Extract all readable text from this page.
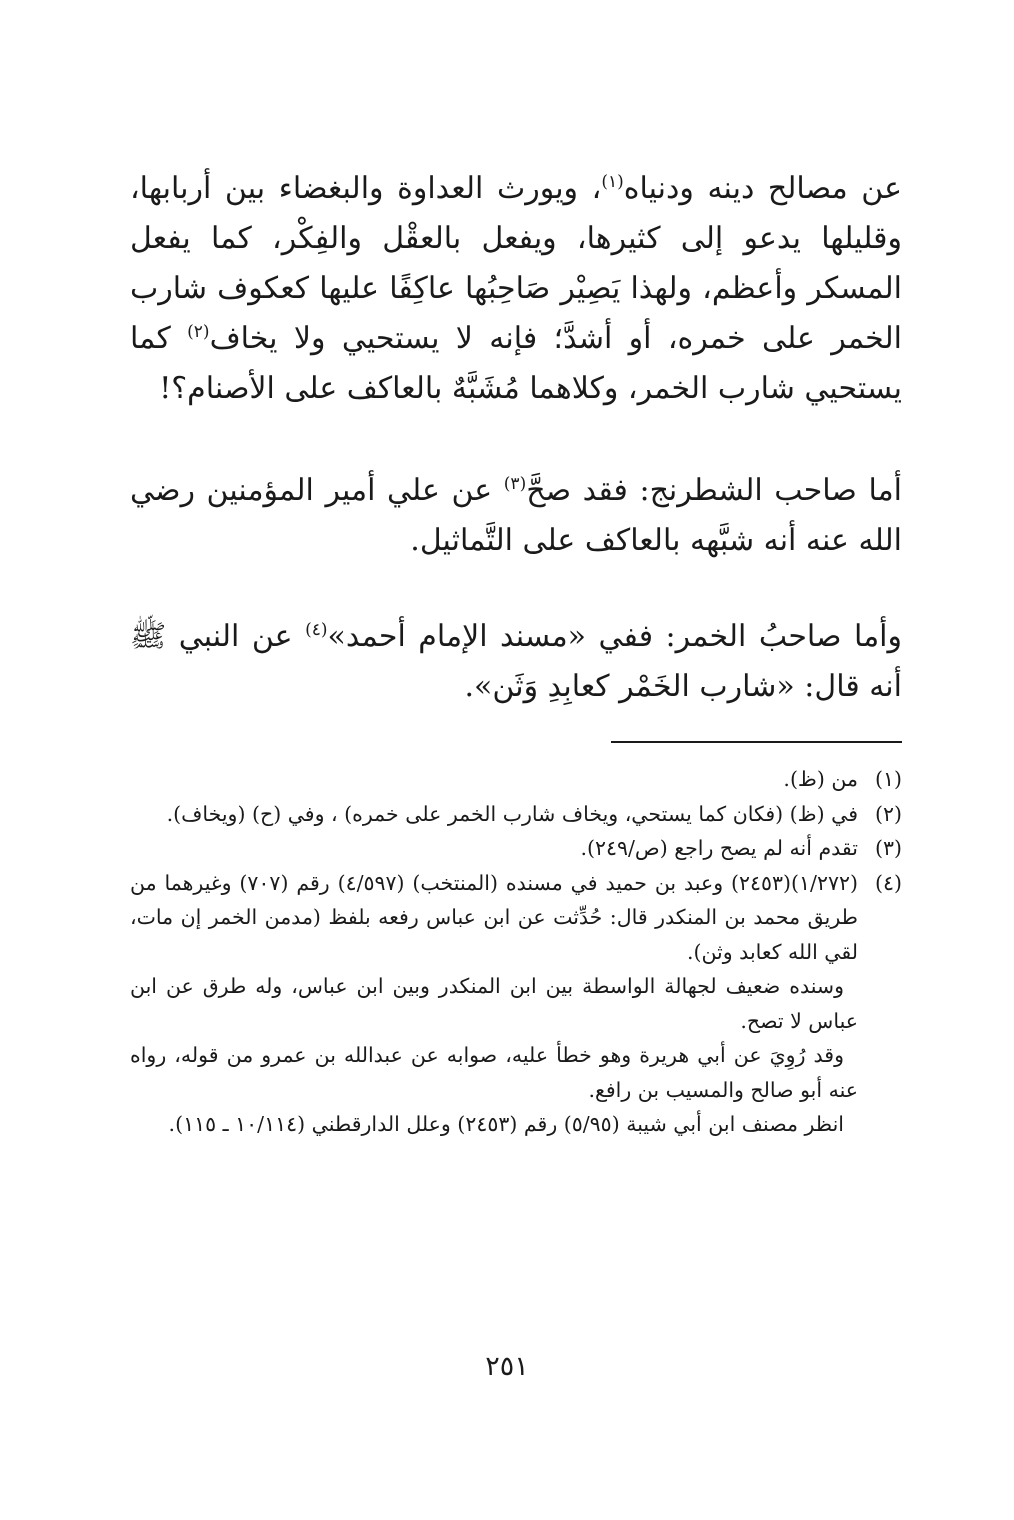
عن مصالح دينه ودنياه$^{(١)}$، ويورث العداوة والبغضاء بين أربابها، وقليلها يدعو إلى كثيرها، ويفعل بالعقْل والفِكْر، كما يفعل المسكر وأعظم، ولهذا يَصِيْر صَاحِبُها عاكِفًا عليها كعكوف شارب الخمر على خمره، أو أشدَّ؛ فإنه لا يستحيي ولا يخاف$^{(٢)}$ كما يستحيي شارب الخمر، وكلاهما مُشَبَّهٌ بالعاكف على الأصنام؟!

أما صاحب الشطرنج: فقد صحَّ$^{(٣)}$ عن علي أمير المؤمنين رضي الله عنه أنه شبَّهه بالعاكف على التَّماثيل.

وأما صاحبُ الخمر: ففي «مسند الإمام أحمد»$^{(٤)}$ عن النبي ﷺ أنه قال: «شارب الخَمْر كعابِدِ وَثَن».

(١)
من (ظ).
(٢)
في (ظ) (فكان كما يستحي، ويخاف شارب الخمر على خمره) ، وفي (ح) (ويخاف).
(٣)
تقدم أنه لم يصح راجع (ص/٢٤٩).
(٤)
(١/٢٧٢)(٢٤٥٣) وعبد بن حميد في مسنده (المنتخب) (٤/٥٩٧) رقم (٧٠٧) وغيرهما من طريق محمد بن المنكدر قال: حُدِّثت عن ابن عباس رفعه بلفظ (مدمن الخمر إن مات، لقي الله كعابد وثن).
وسنده ضعيف لجهالة الواسطة بين ابن المنكدر وبين ابن عباس، وله طرق عن ابن عباس لا تصح.
وقد رُوِيَ عن أبي هريرة وهو خطأ عليه، صوابه عن عبدالله بن عمرو من قوله، رواه عنه أبو صالح والمسيب بن رافع.
انظر مصنف ابن أبي شيبة (٥/٩٥) رقم (٢٤٥٣) وعلل الدارقطني (١٠/١١٤ ـ ١١٥).
٢٥١
